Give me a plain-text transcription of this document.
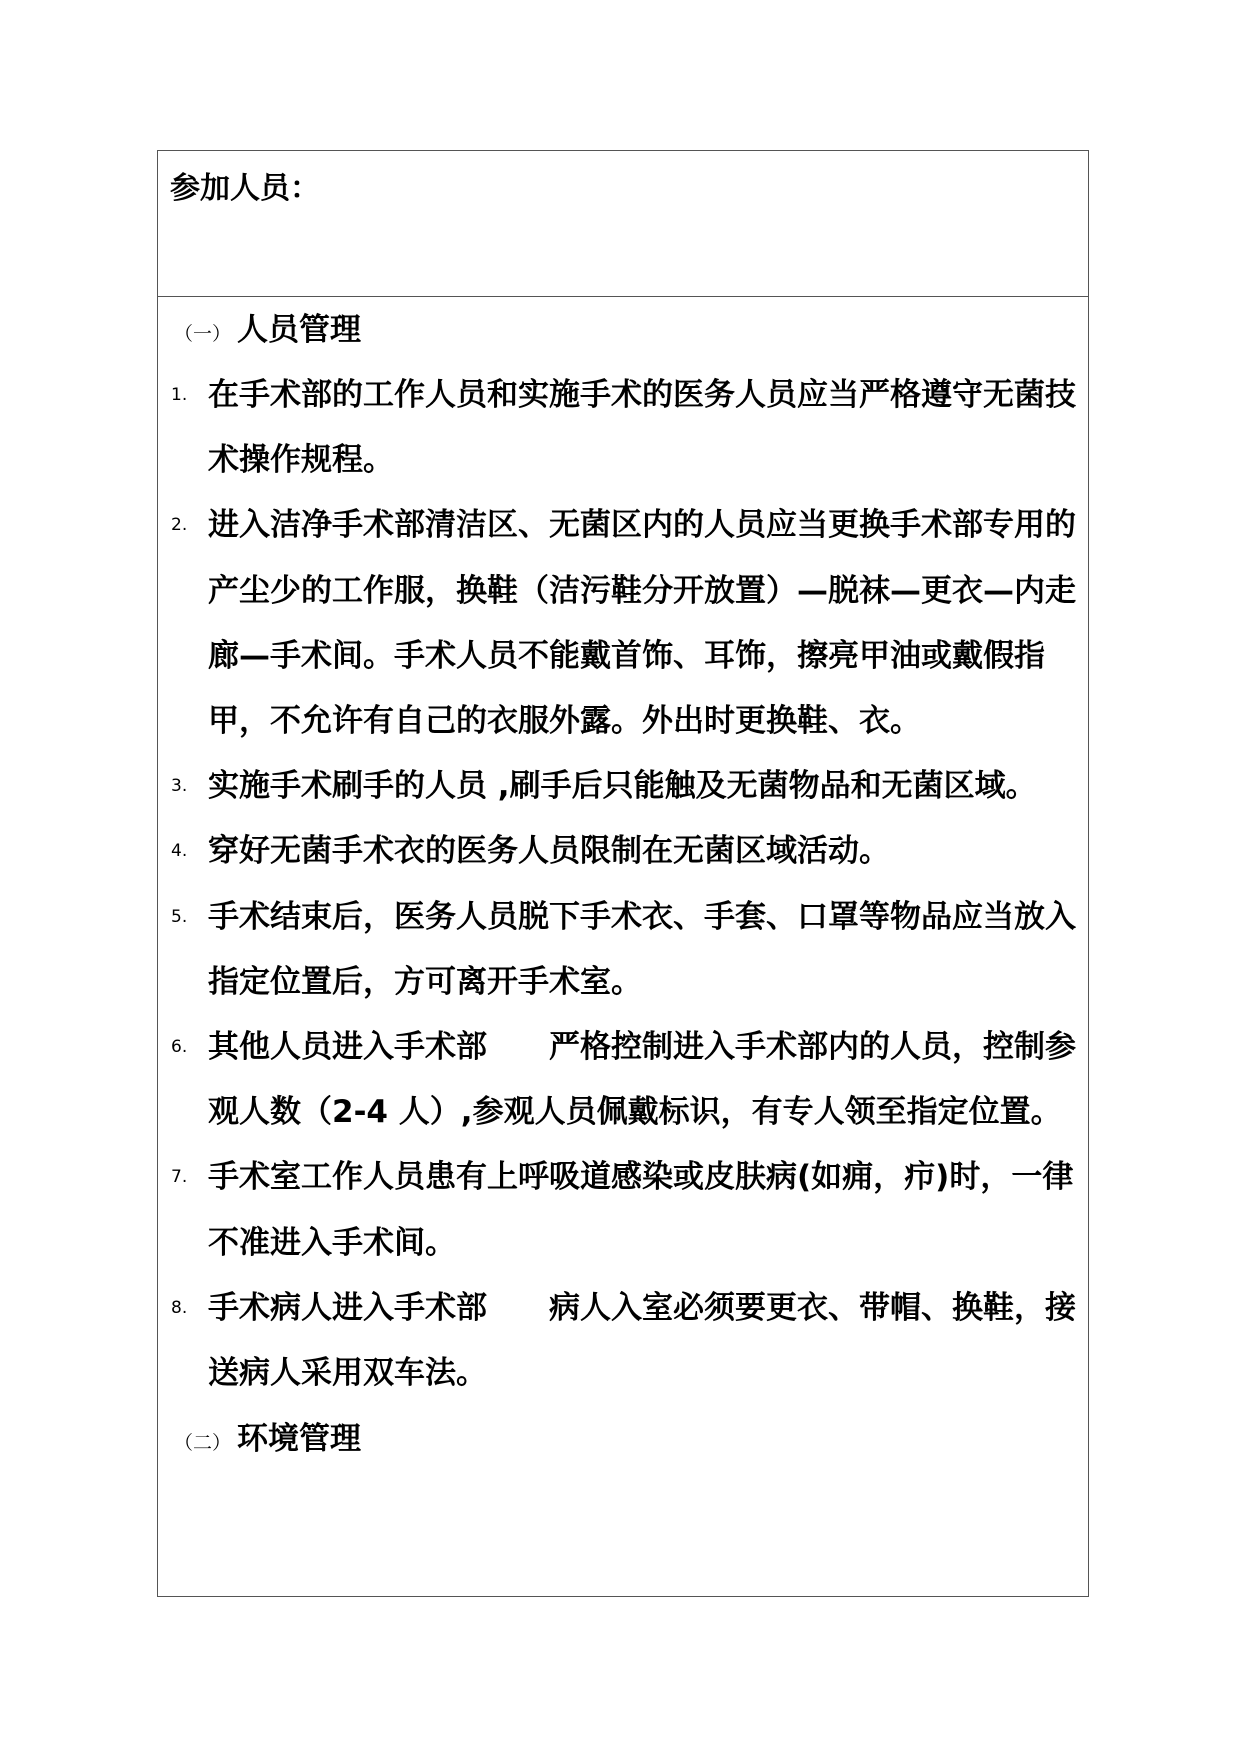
参加人员：
（一） 人员管理
1. 在手术部的工作人员和实施手术的医务人员应当严格遵守无菌技术操作规程。
2. 进入洁净手术部清洁区、无菌区内的人员应当更换手术部专用的产尘少的工作服，换鞋（洁污鞋分开放置）—脱袜—更衣—内走廊—手术间。手术人员不能戴首饰、耳饰，擦亮甲油或戴假指甲，不允许有自己的衣服外露。外出时更换鞋、衣。
3. 实施手术刷手的人员 ,刷手后只能触及无菌物品和无菌区域。
4. 穿好无菌手术衣的医务人员限制在无菌区域活动。
5. 手术结束后，医务人员脱下手术衣、手套、口罩等物品应当放入指定位置后，方可离开手术室。
6. 其他人员进入手术部　　严格控制进入手术部内的人员，控制参观人数（2-4 人）,参观人员佩戴标识，有专人领至指定位置。
7. 手术室工作人员患有上呼吸道感染或皮肤病(如痈，疖)时，一律不准进入手术间。
8. 手术病人进入手术部　　病人入室必须要更衣、带帽、换鞋，接送病人采用双车法。
（二） 环境管理
